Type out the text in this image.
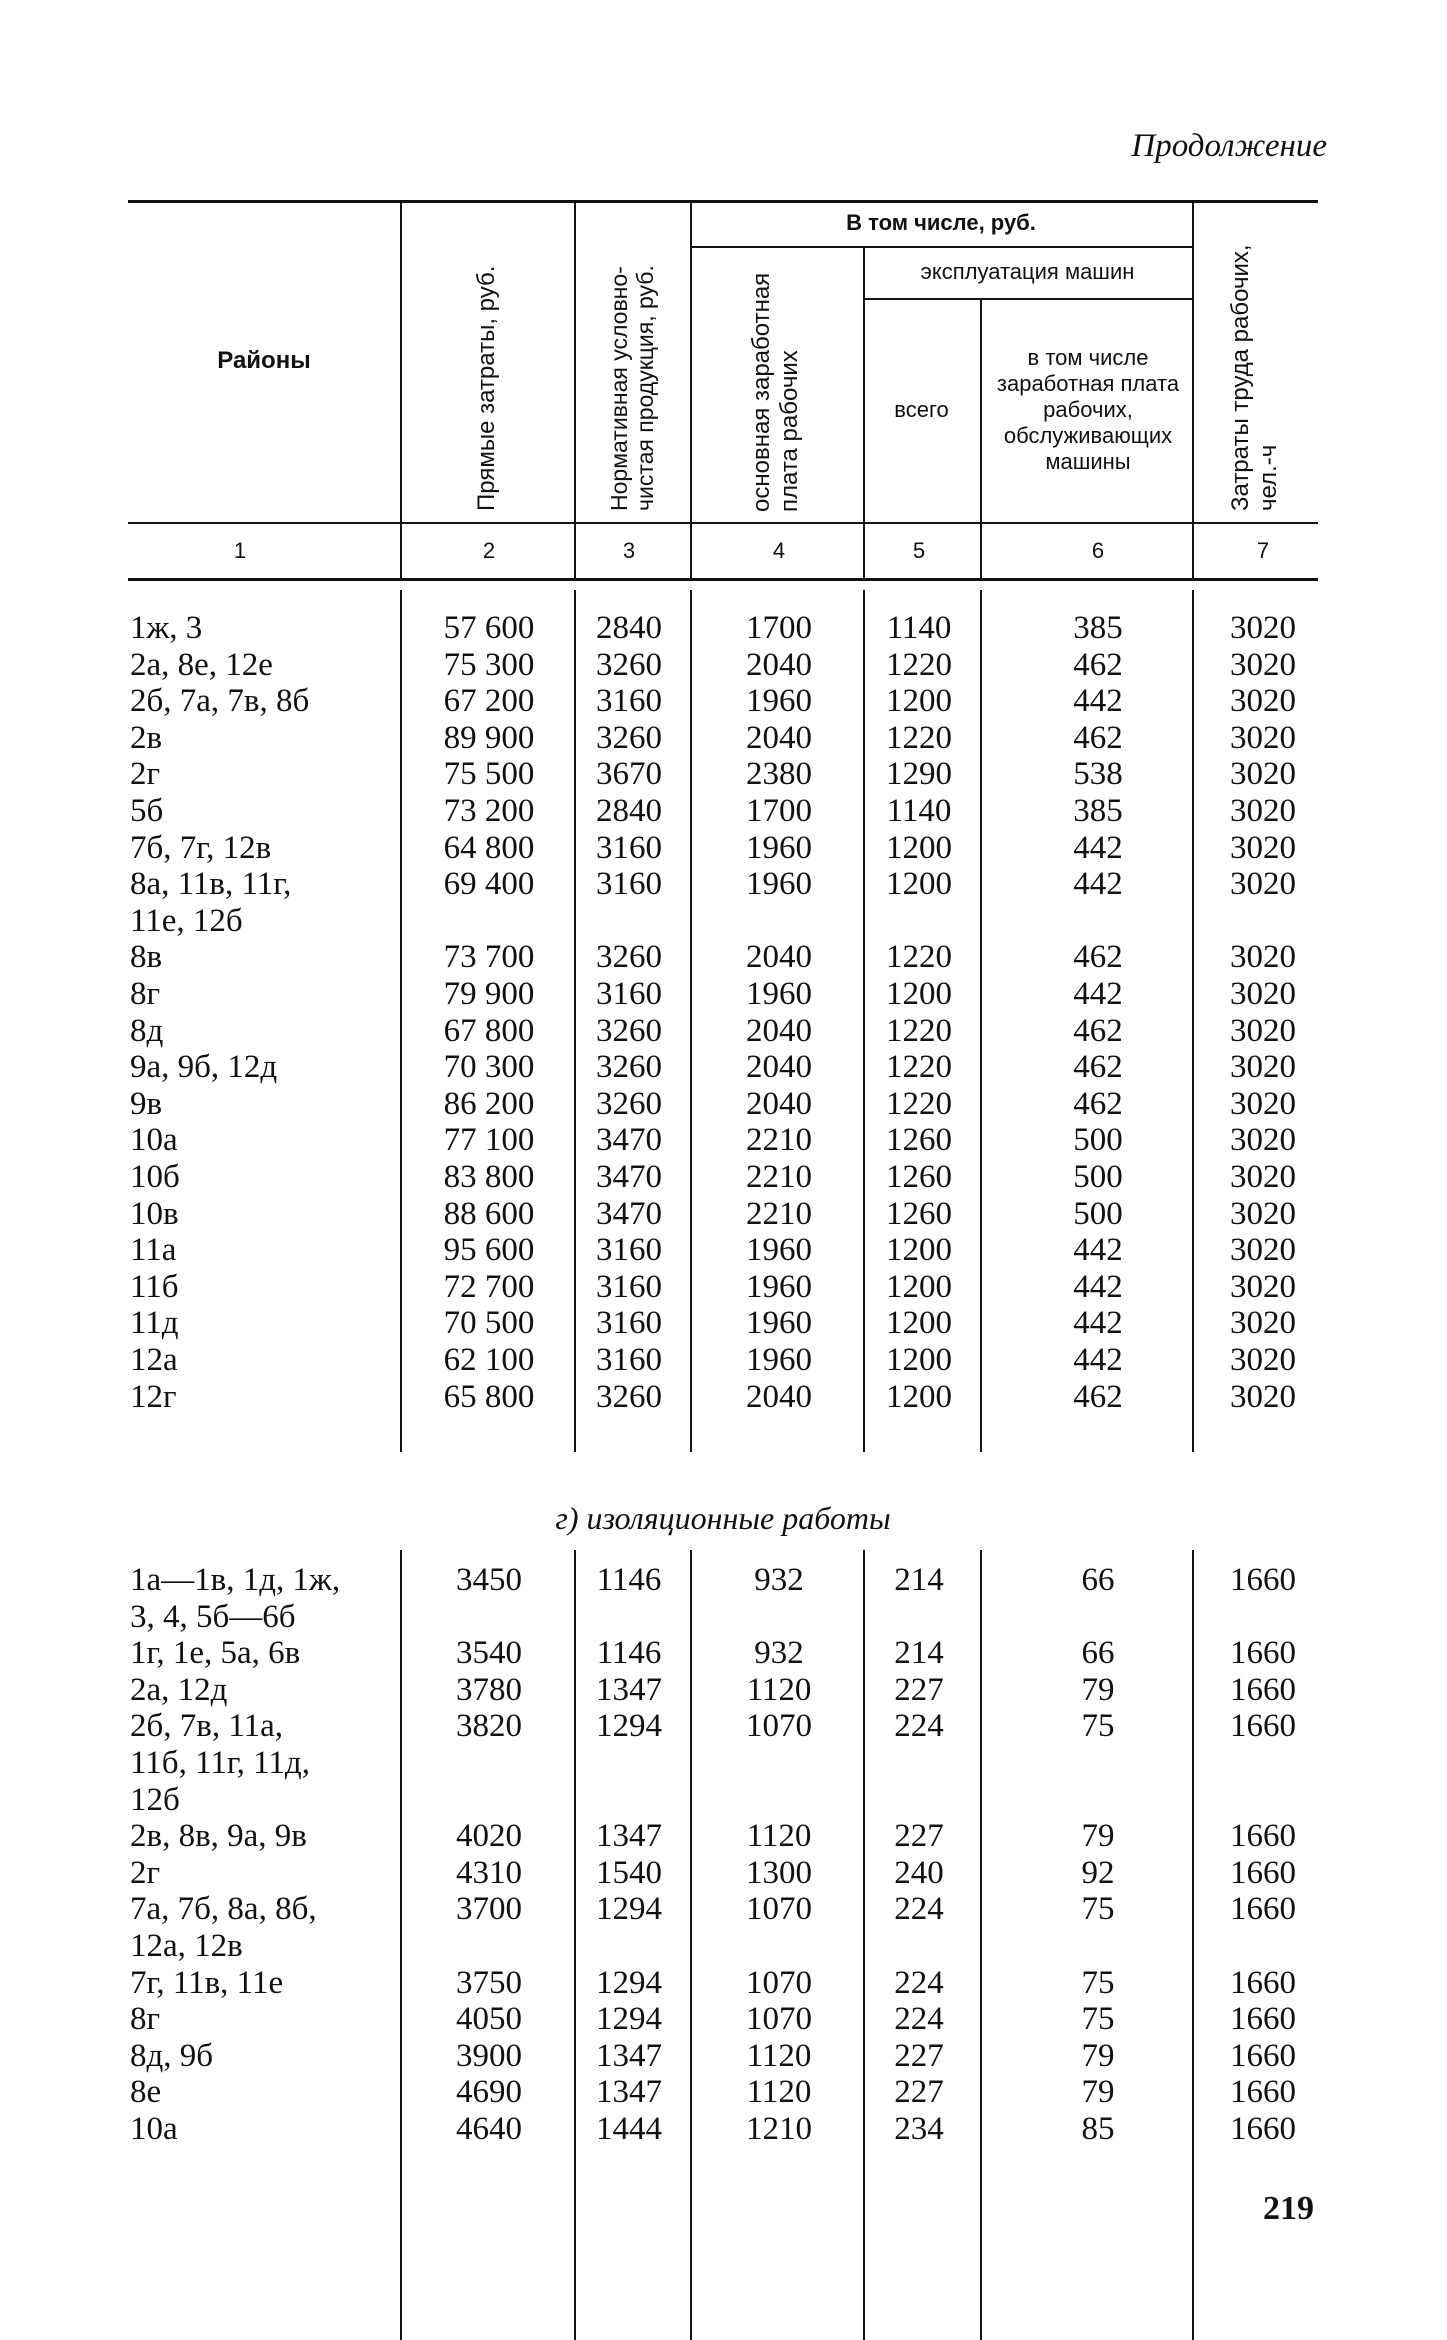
Продолжение
Районы	Прямые затраты, руб.	Нормативная условно-чистая продукция, руб.
В том числе, руб.
основная заработная плата рабочих
эксплуатация машин
всего
в том числе заработная плата рабочих, обслуживающих машины	Затраты труда рабочих, чел.-ч
1	2	3	4	5	6	7
1ж, 3	57 600	2840	1700	1140	385	3020
2а, 8е, 12е	75 300	3260	2040	1220	462	3020
2б, 7а, 7в, 8б	67 200	3160	1960	1200	442	3020
2в	89 900	3260	2040	1220	462	3020
2г	75 500	3670	2380	1290	538	3020
5б	73 200	2840	1700	1140	385	3020
7б, 7г, 12в	64 800	3160	1960	1200	442	3020
8а, 11в, 11г,	69 400	3160	1960	1200	442	3020
11е, 12б
8в	73 700	3260	2040	1220	462	3020
8г	79 900	3160	1960	1200	442	3020
8д	67 800	3260	2040	1220	462	3020
9а, 9б, 12д	70 300	3260	2040	1220	462	3020
9в	86 200	3260	2040	1220	462	3020
10а	77 100	3470	2210	1260	500	3020
10б	83 800	3470	2210	1260	500	3020
10в	88 600	3470	2210	1260	500	3020
11а	95 600	3160	1960	1200	442	3020
11б	72 700	3160	1960	1200	442	3020
11д	70 500	3160	1960	1200	442	3020
12а	62 100	3160	1960	1200	442	3020
12г	65 800	3260	2040	1200	462	3020
г) изоляционные работы
1а—1в, 1д, 1ж,	3450	1146	932	214	66	1660
3, 4, 5б—6б
1г, 1е, 5а, 6в	3540	1146	932	214	66	1660
2а, 12д	3780	1347	1120	227	79	1660
2б, 7в, 11а,	3820	1294	1070	224	75	1660
11б, 11г, 11д,
12б
2в, 8в, 9а, 9в	4020	1347	1120	227	79	1660
2г	4310	1540	1300	240	92	1660
7а, 7б, 8а, 8б,	3700	1294	1070	224	75	1660
12а, 12в
7г, 11в, 11е	3750	1294	1070	224	75	1660
8г	4050	1294	1070	224	75	1660
8д, 9б	3900	1347	1120	227	79	1660
8е	4690	1347	1120	227	79	1660
10а	4640	1444	1210	234	85	1660
219
